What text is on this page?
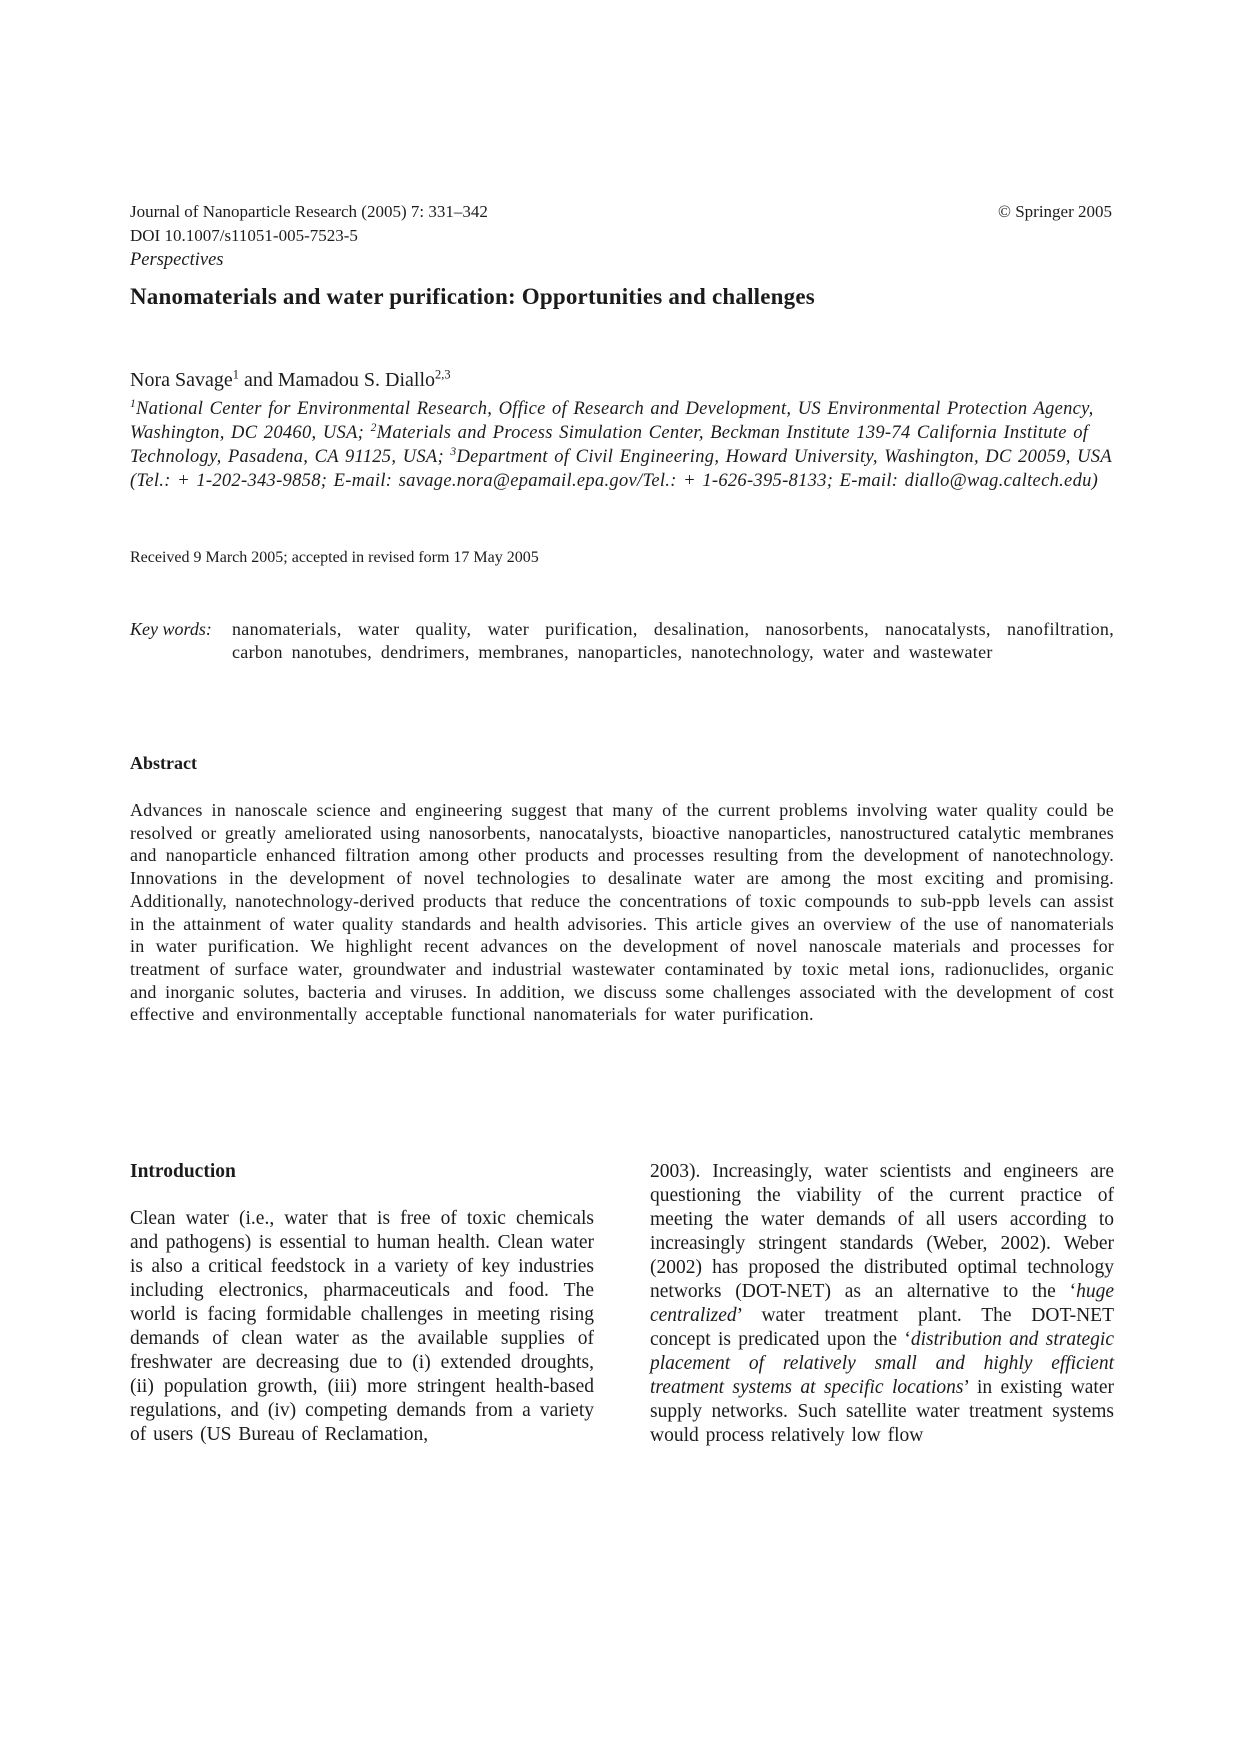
Journal of Nanoparticle Research (2005) 7: 331–342
DOI 10.1007/s11051-005-7523-5
© Springer 2005
Perspectives
Nanomaterials and water purification: Opportunities and challenges
Nora Savage$^1$ and Mamadou S. Diallo$^{2,3}$
$^1$National Center for Environmental Research, Office of Research and Development, US Environmental Protection Agency, Washington, DC 20460, USA; $^2$Materials and Process Simulation Center, Beckman Institute 139-74 California Institute of Technology, Pasadena, CA 91125, USA; $^3$Department of Civil Engineering, Howard University, Washington, DC 20059, USA (Tel.: + 1-202-343-9858; E-mail: savage.nora@epamail.epa.gov/Tel.: + 1-626-395-8133; E-mail: diallo@wag.caltech.edu)
Received 9 March 2005; accepted in revised form 17 May 2005
Key words:	nanomaterials, water quality, water purification, desalination, nanosorbents, nanocatalysts, nanofiltration, carbon nanotubes, dendrimers, membranes, nanoparticles, nanotechnology, water and wastewater
Abstract

Advances in nanoscale science and engineering suggest that many of the current problems involving water quality could be resolved or greatly ameliorated using nanosorbents, nanocatalysts, bioactive nanoparticles, nanostructured catalytic membranes and nanoparticle enhanced filtration among other products and processes resulting from the development of nanotechnology. Innovations in the development of novel technologies to desalinate water are among the most exciting and promising. Additionally, nanotechnology-derived products that reduce the concentrations of toxic compounds to sub-ppb levels can assist in the attainment of water quality standards and health advisories. This article gives an overview of the use of nanomaterials in water purification. We highlight recent advances on the development of novel nanoscale materials and processes for treatment of surface water, groundwater and industrial wastewater contaminated by toxic metal ions, radionuclides, organic and inorganic solutes, bacteria and viruses. In addition, we discuss some challenges associated with the development of cost effective and environmentally acceptable functional nanomaterials for water purification.

Introduction

Clean water (i.e., water that is free of toxic chemicals and pathogens) is essential to human health. Clean water is also a critical feedstock in a variety of key industries including electronics, pharmaceuticals and food. The world is facing formidable challenges in meeting rising demands of clean water as the available supplies of freshwater are decreasing due to (i) extended droughts, (ii) population growth, (iii) more stringent health-based regulations, and (iv) competing demands from a variety of users (US Bureau of Reclamation,

2003). Increasingly, water scientists and engineers are questioning the viability of the current practice of meeting the water demands of all users according to increasingly stringent standards (Weber, 2002). Weber (2002) has proposed the distributed optimal technology networks (DOT-NET) as an alternative to the ‘huge centralized’ water treatment plant. The DOT-NET concept is predicated upon the ‘distribution and strategic placement of relatively small and highly efficient treatment systems at specific locations’ in existing water supply networks. Such satellite water treatment systems would process relatively low flow
